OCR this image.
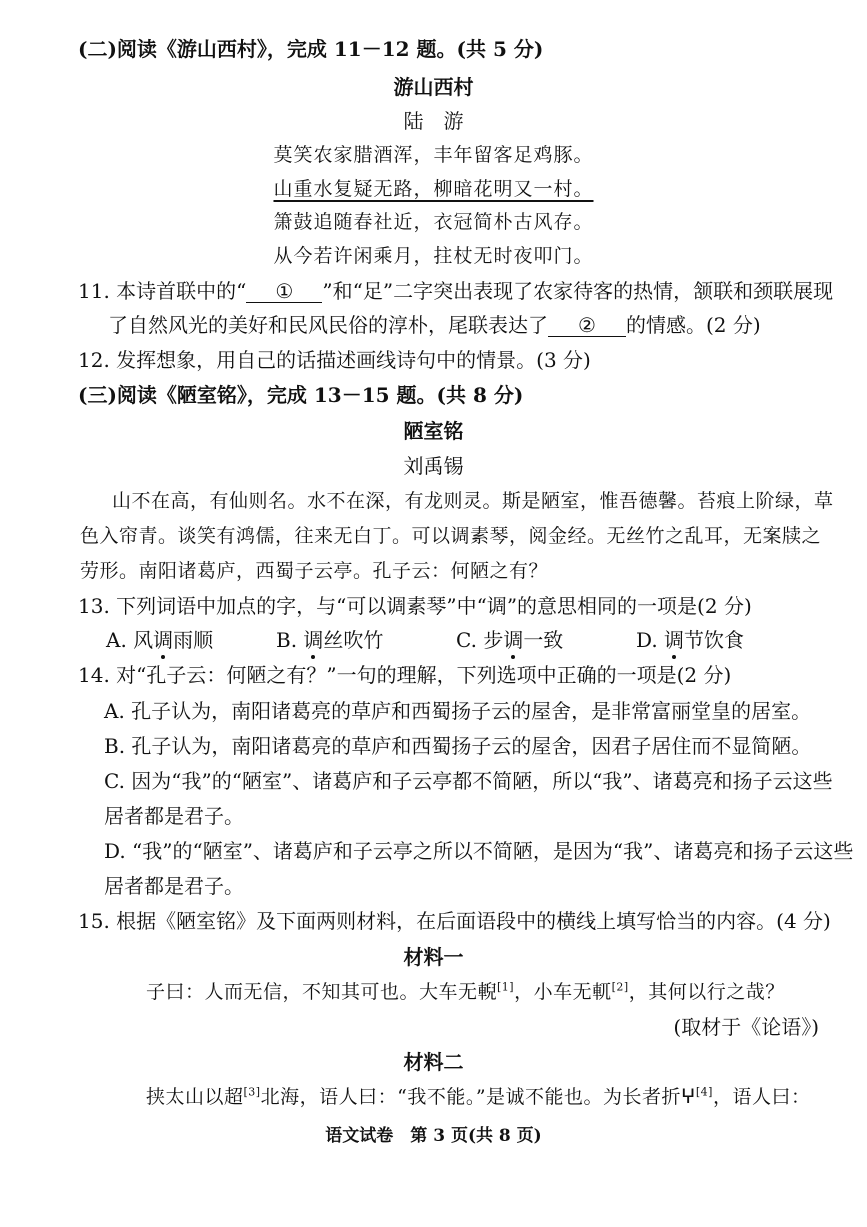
(二)阅读《游山西村》，完成 11－12 题。(共 5 分)
游山西村
陆　游
莫笑农家腊酒浑，丰年留客足鸡豚。
山重水复疑无路，柳暗花明又一村。
箫鼓追随春社近，衣冠简朴古风存。
从今若许闲乘月，拄杖无时夜叩门。
11. 本诗首联中的“ ① ”和“足”二字突出表现了农家待客的热情，颔联和颈联展现
了自然风光的美好和民风民俗的淳朴，尾联表达了 ② 的情感。(2 分)
12. 发挥想象，用自己的话描述画线诗句中的情景。(3 分)
(三)阅读《陋室铭》，完成 13－15 题。(共 8 分)
陋室铭
刘禹锡
山不在高，有仙则名。水不在深，有龙则灵。斯是陋室，惟吾德馨。苔痕上阶绿，草
色入帘青。谈笑有鸿儒，往来无白丁。可以调素琴，阅金经。无丝竹之乱耳，无案牍之
劳形。南阳诸葛庐，西蜀子云亭。孔子云：何陋之有？
13. 下列词语中加点的字，与“可以调素琴”中“调”的意思相同的一项是(2 分)
A. 风调雨顺	B. 调丝吹竹	C. 步调一致	D. 调节饮食
14. 对“孔子云：何陋之有？”一句的理解，下列选项中正确的一项是(2 分)
A. 孔子认为，南阳诸葛亮的草庐和西蜀扬子云的屋舍，是非常富丽堂皇的居室。
B. 孔子认为，南阳诸葛亮的草庐和西蜀扬子云的屋舍，因君子居住而不显简陋。
C. 因为“我”的“陋室”、诸葛庐和子云亭都不简陋，所以“我”、诸葛亮和扬子云这些
居者都是君子。
D. “我”的“陋室”、诸葛庐和子云亭之所以不简陋，是因为“我”、诸葛亮和扬子云这些
居者都是君子。
15. 根据《陋室铭》及下面两则材料，在后面语段中的横线上填写恰当的内容。(4 分)
材料一
子曰：人而无信，不知其可也。大车无輗[1]，小车无軏[2]，其何以行之哉？
(取材于《论语》)
材料二
挟太山以超[3]北海，语人曰：“我不能。”是诚不能也。为长者折ⵖ[4]，语人曰：
语文试卷　第 3 页(共 8 页)
